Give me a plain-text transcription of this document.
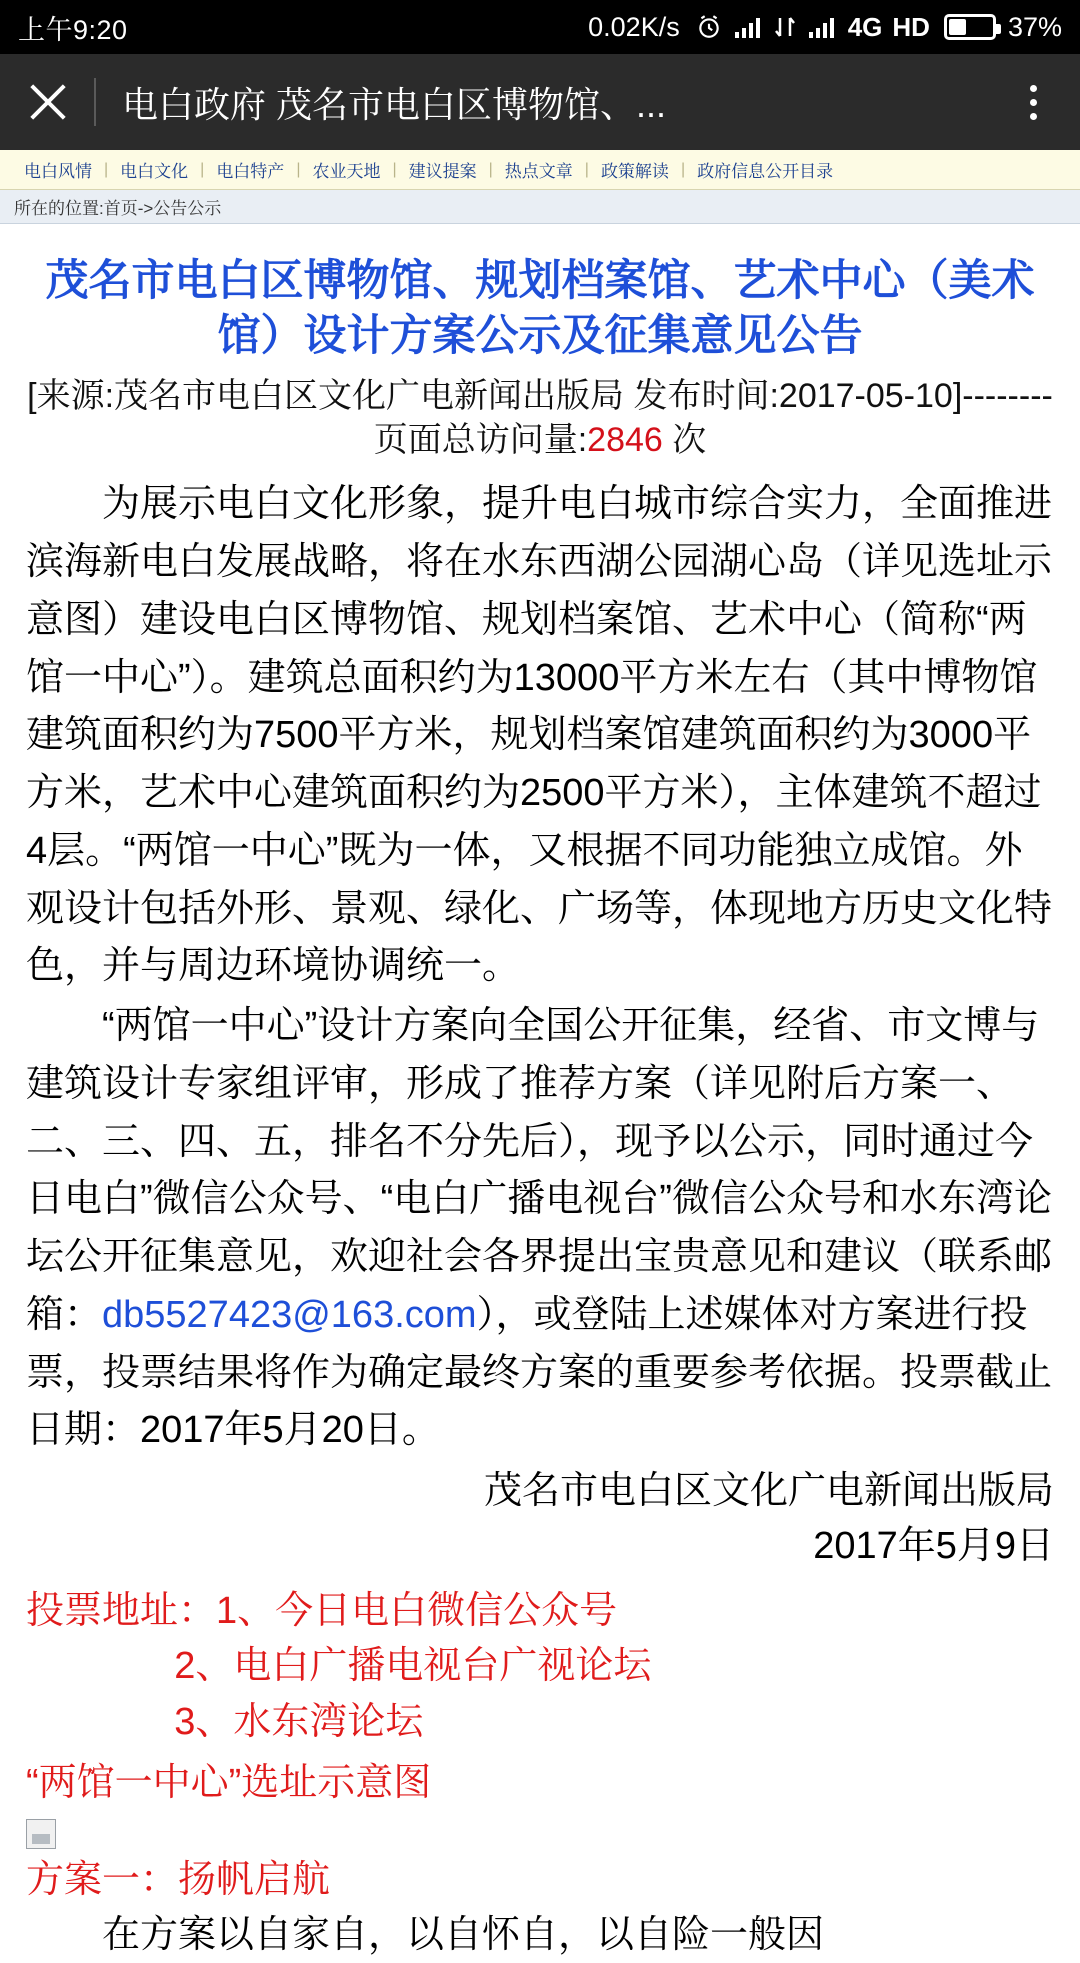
上午9:20	0.02K/s	4G HD	37%
电白政府 茂名市电白区博物馆、...
电白风情 | 电白文化 | 电白特产 | 农业天地 | 建议提案 | 热点文章 | 政策解读 | 政府信息公开目录
所在的位置:首页->公告公示
茂名市电白区博物馆、规划档案馆、艺术中心（美术馆）设计方案公示及征集意见公告
[来源:茂名市电白区文化广电新闻出版局 发布时间:2017-05-10]--------页面总访问量:2846 次

为展示电白文化形象，提升电白城市综合实力，全面推进滨海新电白发展战略，将在水东西湖公园湖心岛（详见选址示意图）建设电白区博物馆、规划档案馆、艺术中心（简称“两馆一中心”）。建筑总面积约为13000平方米左右（其中博物馆建筑面积约为7500平方米，规划档案馆建筑面积约为3000平方米，艺术中心建筑面积约为2500平方米），主体建筑不超过4层。“两馆一中心”既为一体，又根据不同功能独立成馆。外观设计包括外形、景观、绿化、广场等，体现地方历史文化特色，并与周边环境协调统一。

“两馆一中心”设计方案向全国公开征集，经省、市文博与建筑设计专家组评审，形成了推荐方案（详见附后方案一、二、三、四、五，排名不分先后），现予以公示，同时通过今日电白”微信公众号、“电白广播电视台”微信公众号和水东湾论坛公开征集意见，欢迎社会各界提出宝贵意见和建议（联系邮箱：db5527423@163.com），或登陆上述媒体对方案进行投票，投票结果将作为确定最终方案的重要参考依据。投票截止日期：2017年5月20日。

茂名市电白区文化广电新闻出版局
2017年5月9日
投票地址：1、今日电白微信公众号
2、电白广播电视台广视论坛
3、水东湾论坛
“两馆一中心”选址示意图
方案一：扬帆启航
在方案以自家自，以自怀自，以自险一般因
